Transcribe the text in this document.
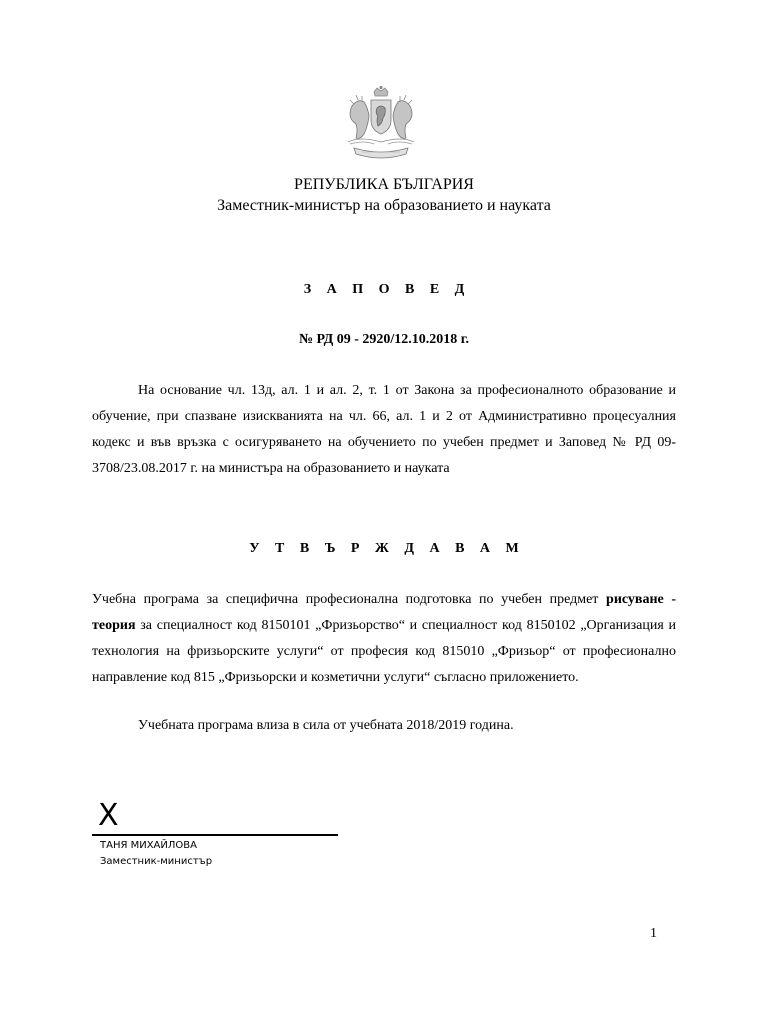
РЕПУБЛИКА БЪЛГАРИЯ
Заместник-министър на образованието и науката
З А П О В Е Д
№ РД 09 - 2920/12.10.2018 г.
На основание чл. 13д, ал. 1 и ал. 2, т. 1 от Закона за професионалното образование и обучение, при спазване изискванията на чл. 66, ал. 1 и 2 от Административно процесуалния кодекс и във връзка с осигуряването на обучението по учебен предмет и Заповед № РД 09-3708/23.08.2017 г. на министъра на образованието и науката
У Т В Ъ Р Ж Д А В А М
Учебна програма за специфична професионална подготовка по учебен предмет рисуване - теория за специалност код 8150101 „Фризьорство“ и специалност код 8150102 „Организация и технология на фризьорските услуги“ от професия код 815010 „Фризьор“ от професионално направление код 815 „Фризьорски и козметични услуги“ съгласно приложението.
Учебната програма влиза в сила от учебната 2018/2019 година.
X
ТАНЯ МИХАЙЛОВА
Заместник-министър
1
